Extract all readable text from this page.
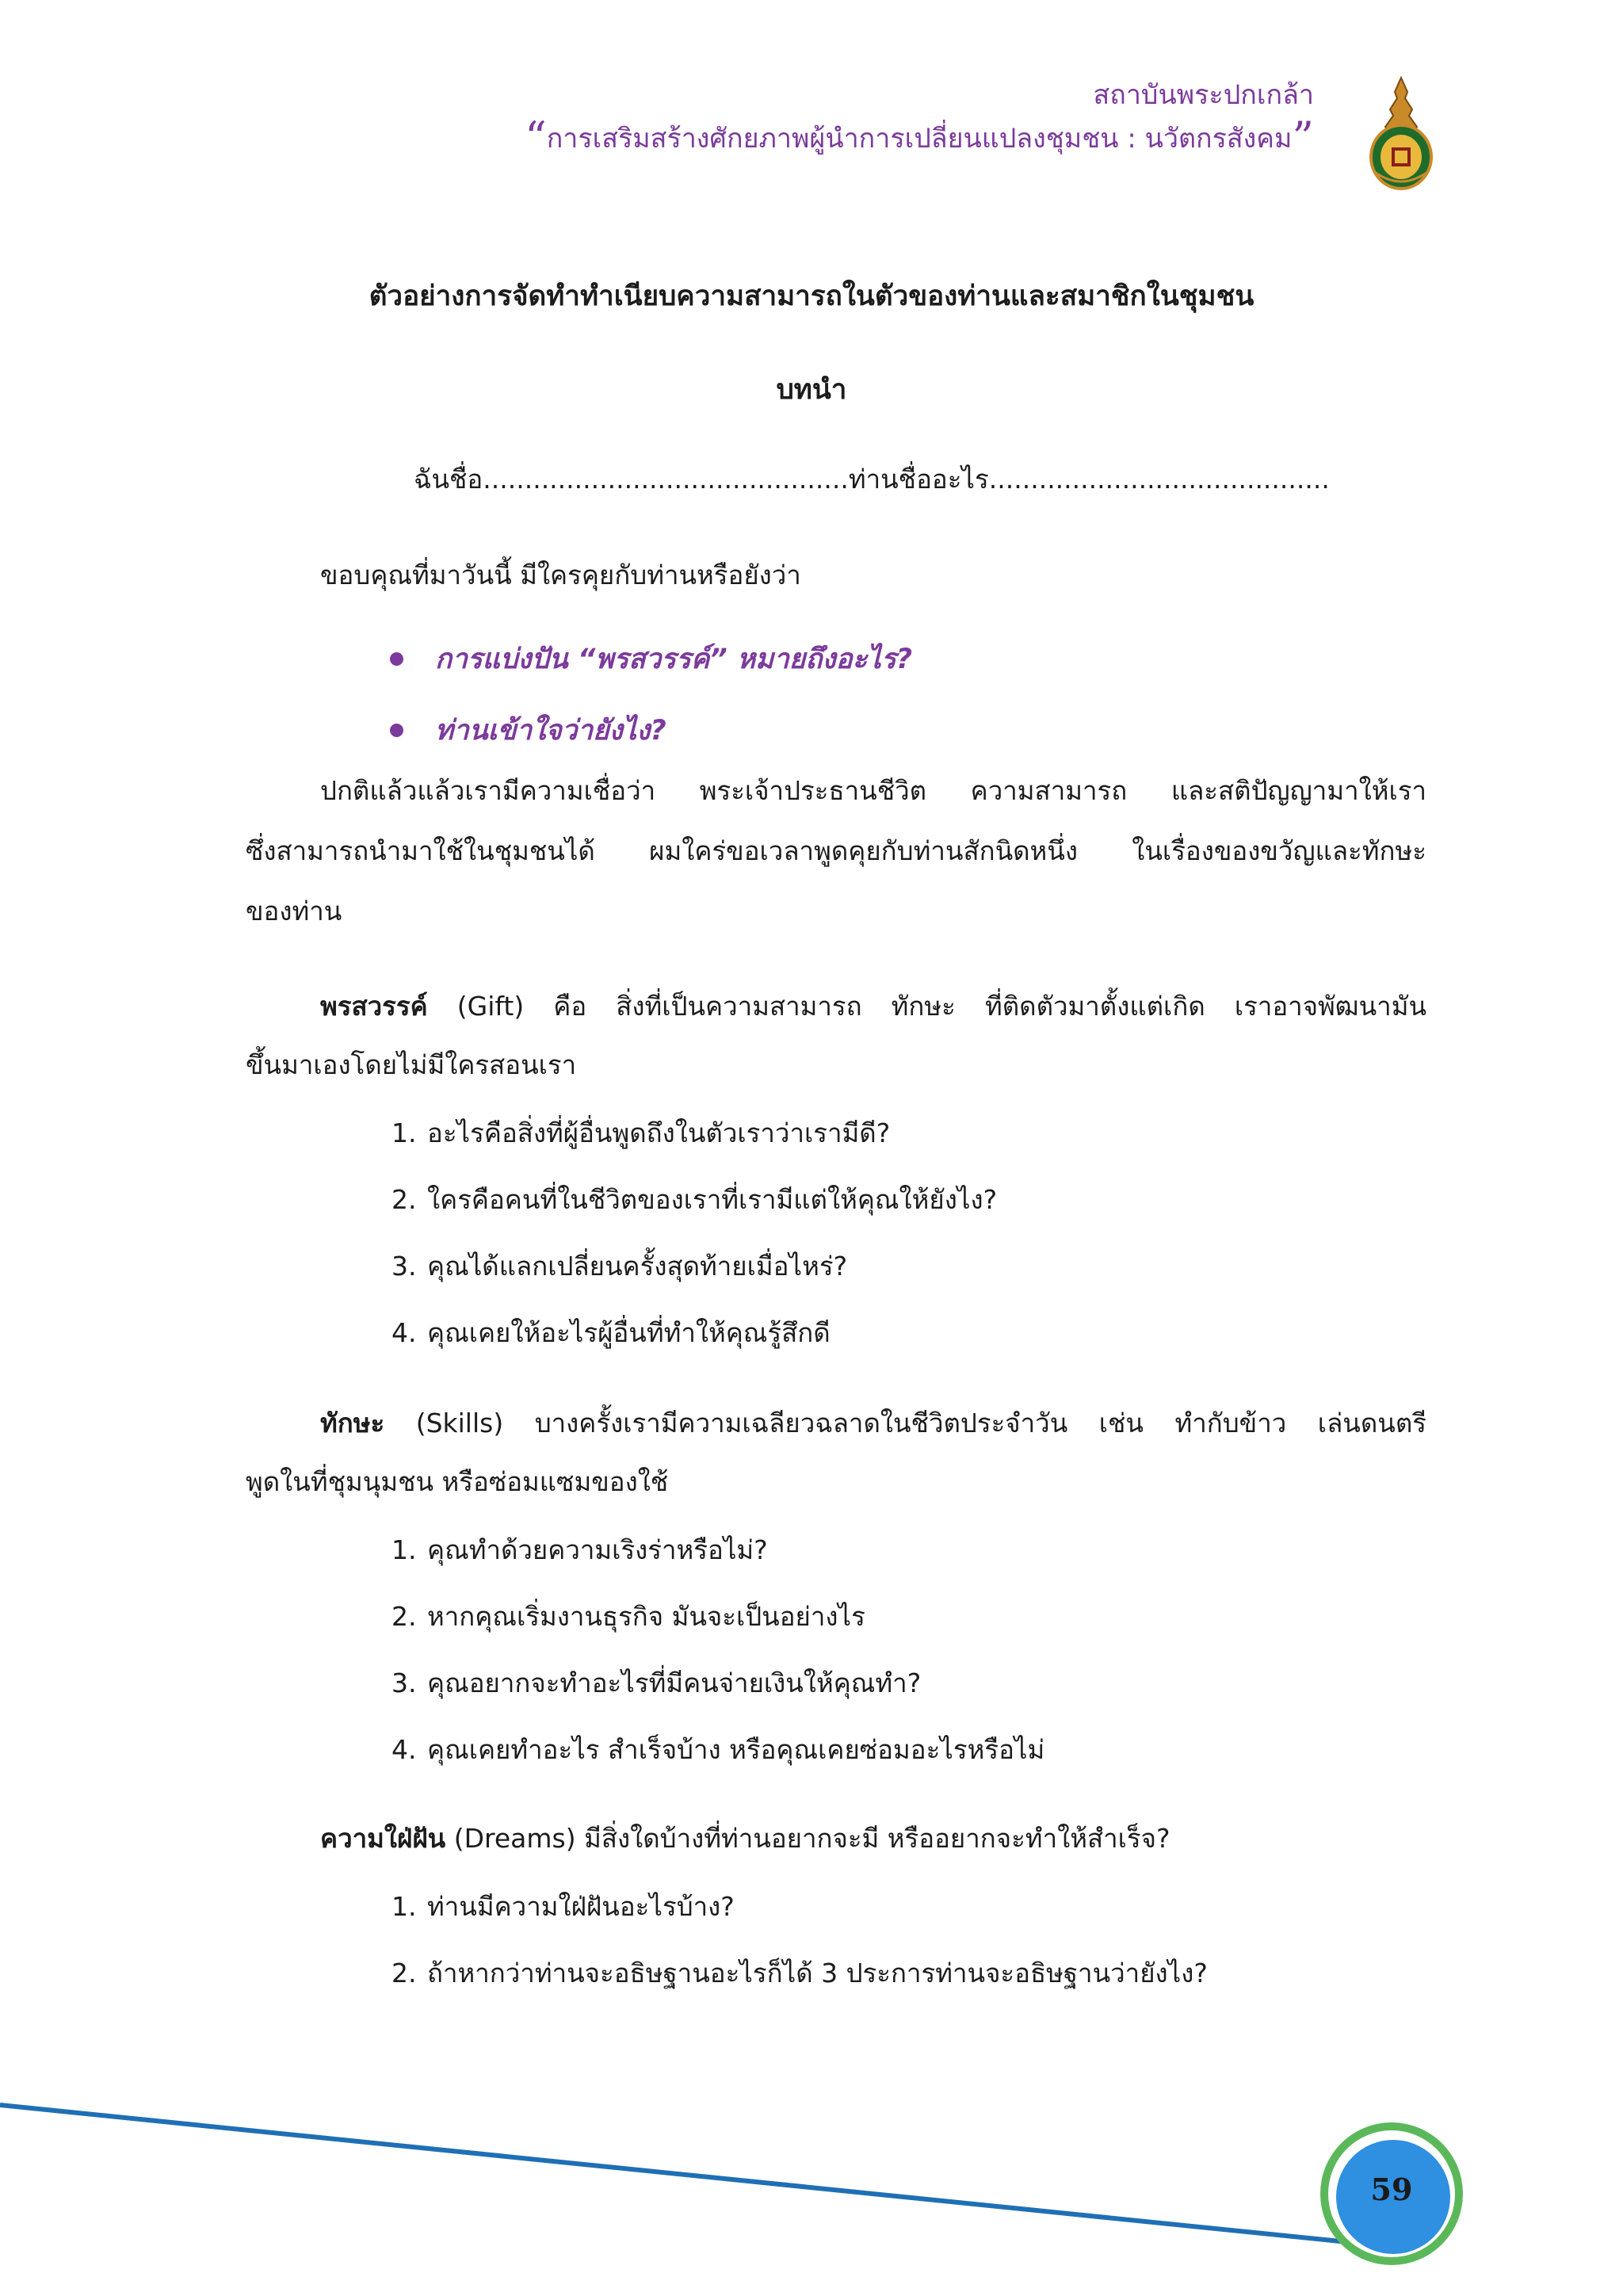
สถาบันพระปกเกล้า
“การเสริมสร้างศักยภาพผู้นำการเปลี่ยนแปลงชุมชน : นวัตกรสังคม”
ตัวอย่างการจัดทำทำเนียบความสามารถในตัวของท่านและสมาชิกในชุมชน
บทนำ
ฉันชื่อ............................................ท่านชื่ออะไร.........................................
ขอบคุณที่มาวันนี้ มีใครคุยกับท่านหรือยังว่า
การแบ่งปัน “พรสวรรค์” หมายถึงอะไร?
ท่านเข้าใจว่ายังไง?
ปกติแล้วแล้วเรามีความเชื่อว่า พระเจ้าประธานชีวิต ความสามารถ และสติปัญญามาให้เรา
ซึ่งสามารถนำมาใช้ในชุมชนได้ ผมใคร่ขอเวลาพูดคุยกับท่านสักนิดหนึ่ง ในเรื่องของขวัญและทักษะ
ของท่าน
พรสวรรค์ (Gift) คือ สิ่งที่เป็นความสามารถ ทักษะ ที่ติดตัวมาตั้งแต่เกิด เราอาจพัฒนามัน
ขึ้นมาเองโดยไม่มีใครสอนเรา
1. อะไรคือสิ่งที่ผู้อื่นพูดถึงในตัวเราว่าเรามีดี?
2. ใครคือคนที่ในชีวิตของเราที่เรามีแต่ให้คุณให้ยังไง?
3. คุณได้แลกเปลี่ยนครั้งสุดท้ายเมื่อไหร่?
4. คุณเคยให้อะไรผู้อื่นที่ทำให้คุณรู้สึกดี
ทักษะ (Skills) บางครั้งเรามีความเฉลียวฉลาดในชีวิตประจำวัน เช่น ทำกับข้าว เล่นดนตรี
พูดในที่ชุมนุมชน หรือซ่อมแซมของใช้
1. คุณทำด้วยความเริงร่าหรือไม่?
2. หากคุณเริ่มงานธุรกิจ มันจะเป็นอย่างไร
3. คุณอยากจะทำอะไรที่มีคนจ่ายเงินให้คุณทำ?
4. คุณเคยทำอะไร สำเร็จบ้าง หรือคุณเคยซ่อมอะไรหรือไม่
ความใฝ่ฝัน (Dreams) มีสิ่งใดบ้างที่ท่านอยากจะมี หรืออยากจะทำให้สำเร็จ?
1. ท่านมีความใฝ่ฝันอะไรบ้าง?
2. ถ้าหากว่าท่านจะอธิษฐานอะไรก็ได้ 3 ประการท่านจะอธิษฐานว่ายังไง?
59
